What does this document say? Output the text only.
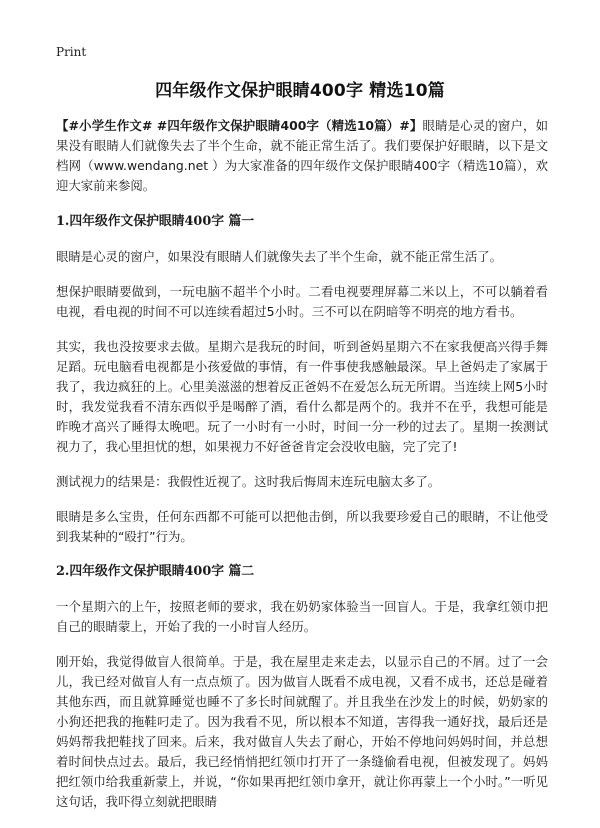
Print
四年级作文保护眼睛400字 精选10篇

【#小学生作文# #四年级作文保护眼睛400字（精选10篇）#】眼睛是心灵的窗户，如果没有眼睛人们就像失去了半个生命，就不能正常生活了。我们要保护好眼睛，以下是文档网（www.wendang.net ）为大家准备的四年级作文保护眼睛400字（精选10篇），欢迎大家前来参阅。

1.四年级作文保护眼睛400字 篇一

眼睛是心灵的窗户，如果没有眼睛人们就像失去了半个生命，就不能正常生活了。

想保护眼睛要做到，一玩电脑不超半个小时。二看电视要理屏幕二米以上，不可以躺着看电视，看电视的时间不可以连续看超过5小时。三不可以在阴暗等不明亮的地方看书。

其实，我也没按要求去做。星期六是我玩的时间，听到爸妈星期六不在家我便高兴得手舞足蹈。玩电脑看电视都是小孩爱做的事情，有一件事使我感触最深。早上爸妈走了家属于我了，我边疯狂的上。心里美滋滋的想着反正爸妈不在爱怎么玩无所谓。当连续上网5小时时，我发觉我看不清东西似乎是喝醉了酒，看什么都是两个的。我并不在乎，我想可能是昨晚才高兴了睡得太晚吧。玩了一小时有一小时，时间一分一秒的过去了。星期一挨测试视力了，我心里担忧的想，如果视力不好爸爸肯定会没收电脑，完了完了!

测试视力的结果是：我假性近视了。这时我后悔周末连玩电脑太多了。

眼睛是多么宝贵，任何东西都不可能可以把他击倒，所以我要珍爱自己的眼睛，不让他受到我某种的“殴打”行为。

2.四年级作文保护眼睛400字 篇二

一个星期六的上午，按照老师的要求，我在奶奶家体验当一回盲人。于是，我拿红领巾把自己的眼睛蒙上，开始了我的一小时盲人经历。

刚开始，我觉得做盲人很简单。于是，我在屋里走来走去，以显示自己的不屑。过了一会儿，我已经对做盲人有一点点烦了。因为做盲人既看不成电视，又看不成书，还总是碰着其他东西，而且就算睡觉也睡不了多长时间就醒了。并且我坐在沙发上的时候，奶奶家的小狗还把我的拖鞋叼走了。因为我看不见，所以根本不知道，害得我一通好找，最后还是妈妈帮我把鞋找了回来。后来，我对做盲人失去了耐心，开始不停地问妈妈时间，并总想着时间快点过去。最后，我已经悄悄把红领巾打开了一条缝偷看电视，但被发现了。妈妈把红领巾给我重新蒙上，并说，“你如果再把红领巾拿开，就让你再蒙上一个小时。”一听见这句话，我吓得立刻就把眼睛
